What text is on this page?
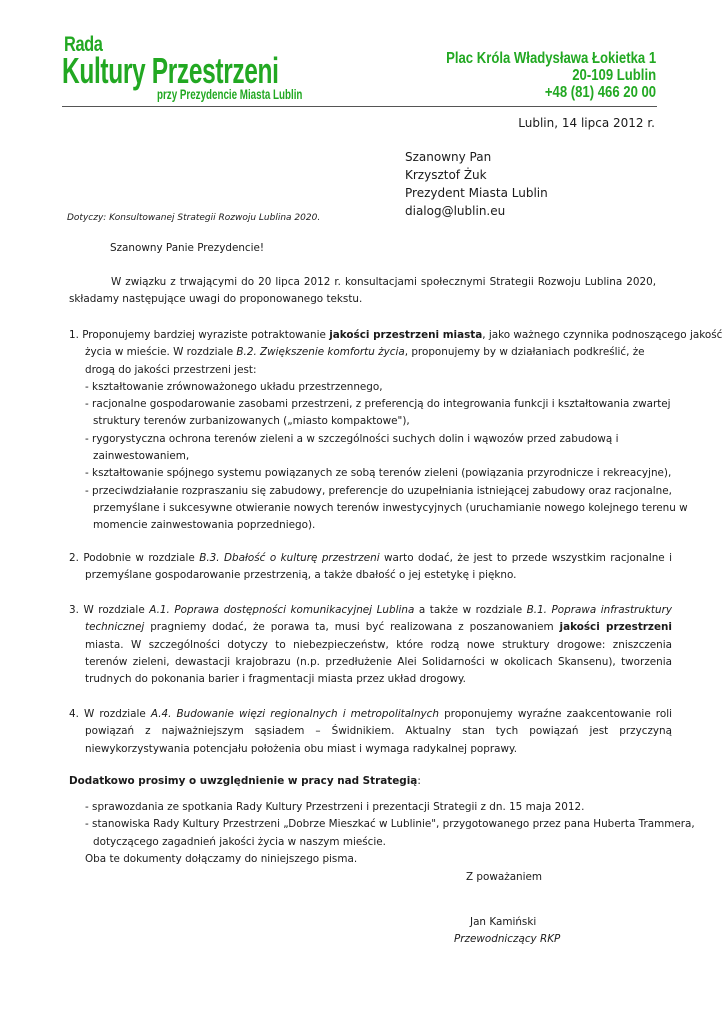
Rada
Kultury Przestrzeni
przy Prezydencie Miasta Lublin
Plac Króla Władysława Łokietka 1
20-109 Lublin
+48 (81) 466 20 00
Lublin, 14 lipca 2012 r.
Szanowny Pan
Krzysztof Żuk
Prezydent Miasta Lublin
dialog@lublin.eu
Dotyczy: Konsultowanej Strategii Rozwoju Lublina 2020.
Szanowny Panie Prezydencie!
W związku z trwającymi do 20 lipca 2012 r. konsultacjami społecznymi Strategii Rozwoju Lublina 2020, składamy następujące uwagi do proponowanego tekstu.
1. Proponujemy bardziej wyraziste potraktowanie jakości przestrzeni miasta, jako ważnego czynnika podnoszącego jakość
życia w mieście. W rozdziale B.2. Zwiększenie komfortu życia, proponujemy by w działaniach podkreślić, że drogą do jakości przestrzeni jest:
- kształtowanie zrównoważonego układu przestrzennego,
- racjonalne gospodarowanie zasobami przestrzeni, z preferencją do integrowania funkcji i kształtowania zwartej
struktury terenów zurbanizowanych („miasto kompaktowe"),
- rygorystyczna ochrona terenów zieleni a w szczególności suchych dolin i wąwozów przed zabudową i
zainwestowaniem,
- kształtowanie spójnego systemu powiązanych ze sobą terenów zieleni (powiązania przyrodnicze i rekreacyjne),
- przeciwdziałanie rozpraszaniu się zabudowy, preferencje do uzupełniania istniejącej zabudowy oraz racjonalne,
przemyślane i sukcesywne otwieranie nowych terenów inwestycyjnych (uruchamianie nowego kolejnego terenu w
momencie zainwestowania poprzedniego).
2. Podobnie w rozdziale B.3. Dbałość o kulturę przestrzeni warto dodać, że jest to przede wszystkim racjonalne i przemyślane gospodarowanie przestrzenią, a także dbałość o jej estetykę i piękno.
3. W rozdziale A.1. Poprawa dostępności komunikacyjnej Lublina a także w rozdziale B.1. Poprawa infrastruktury technicznej pragniemy dodać, że porawa ta, musi być realizowana z poszanowaniem jakości przestrzeni miasta. W szczególności dotyczy to niebezpieczeństw, które rodzą nowe struktury drogowe: zniszczenia terenów zieleni, dewastacji krajobrazu (n.p. przedłużenie Alei Solidarności w okolicach Skansenu), tworzenia trudnych do pokonania barier i fragmentacji miasta przez układ drogowy.
4. W rozdziale A.4. Budowanie więzi regionalnych i metropolitalnych proponujemy wyraźne zaakcentowanie roli powiązań z najważniejszym sąsiadem – Świdnikiem. Aktualny stan tych powiązań jest przyczyną niewykorzystywania potencjału położenia obu miast i wymaga radykalnej poprawy.
Dodatkowo prosimy o uwzględnienie w pracy nad Strategią:
- sprawozdania ze spotkania Rady Kultury Przestrzeni i prezentacji Strategii z dn. 15 maja 2012.
- stanowiska Rady Kultury Przestrzeni „Dobrze Mieszkać w Lublinie", przygotowanego przez pana Huberta Trammera,
dotyczącego zagadnień jakości życia w naszym mieście.
Oba te dokumenty dołączamy do niniejszego pisma.
Z poważaniem
Jan Kamiński
Przewodniczący RKP
